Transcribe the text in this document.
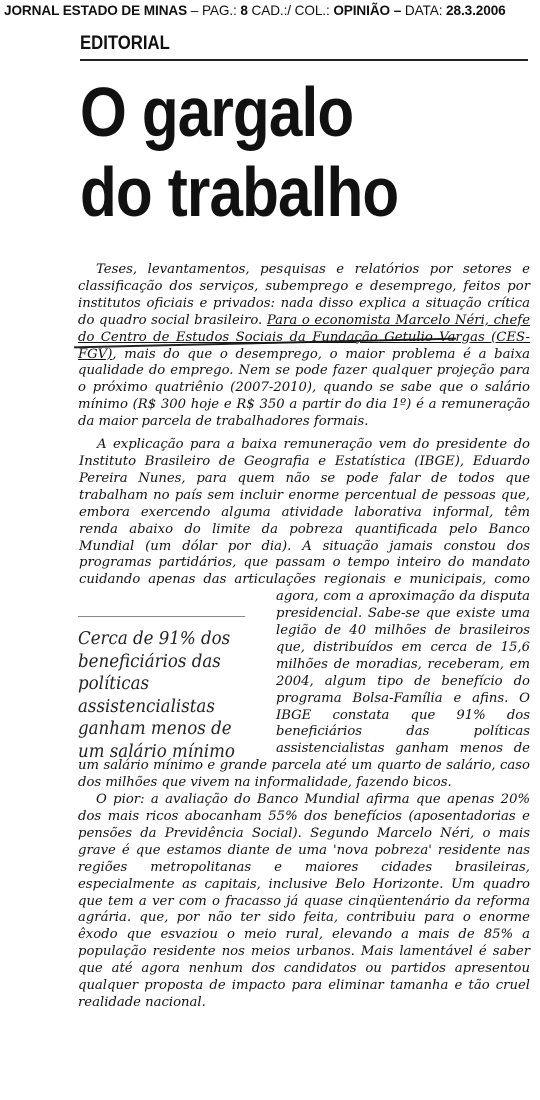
JORNAL ESTADO DE MINAS – PAG.: 8 CAD.:/ COL.: OPINIÃO – DATA: 28.3.2006
EDITORIAL
O gargalo
do trabalho

Teses, levantamentos, pesquisas e relatórios por setores e classificação dos serviços, subemprego e desemprego, feitos por institutos oficiais e privados: nada disso explica a situação crítica do quadro social brasileiro. Para o economista Marcelo Néri, chefe do Centro de Estudos Sociais da Fundação Getulio Vargas (CES-FGV), mais do que o desemprego, o maior problema é a baixa qualidade do emprego. Nem se pode fazer qualquer projeção para o próximo quatriênio (2007-2010), quando se sabe que o salário mínimo (R$ 300 hoje e R$ 350 a partir do dia 1º) é a remuneração da maior parcela de trabalhadores formais.

Cerca de 91% dos beneficiários das políticas assistencialistas ganham menos de um salário mínimo

A explicação para a baixa remuneração vem do presidente do Instituto Brasileiro de Geografia e Estatística (IBGE), Eduardo Pereira Nunes, para quem não se pode falar de todos que trabalham no país sem incluir enorme percentual de pessoas que, embora exercendo alguma atividade laborativa informal, têm renda abaixo do limite da pobreza quantificada pelo Banco Mundial (um dólar por dia). A situação jamais constou dos programas partidários, que passam o tempo inteiro do mandato cuidando apenas das articulações regionais e municipais, como agora, com a aproximação da disputa presidencial. Sabe-se que existe uma legião de 40 milhões de brasileiros que, distribuídos em cerca de 15,6 milhões de moradias, receberam, em 2004, algum tipo de benefício do programa Bolsa-Família e afins. O IBGE constata que 91% dos beneficiários das políticas assistencialistas ganham menos de um salário mínimo e grande parcela até um quarto de salário, caso dos milhões que vivem na informalidade, fazendo bicos.

O pior: a avaliação do Banco Mundial afirma que apenas 20% dos mais ricos abocanham 55% dos benefícios (aposentadorias e pensões da Previdência Social). Segundo Marcelo Néri, o mais grave é que estamos diante de uma 'nova pobreza' residente nas regiões metropolitanas e maiores cidades brasileiras, especialmente as capitais, inclusive Belo Horizonte. Um quadro que tem a ver com o fracasso já quase cinqüentenário da reforma agrária. que, por não ter sido feita, contribuiu para o enorme êxodo que esvaziou o meio rural, elevando a mais de 85% a população residente nos meios urbanos. Mais lamentável é saber que até agora nenhum dos candidatos ou partidos apresentou qualquer proposta de impacto para eliminar tamanha e tão cruel realidade nacional.
